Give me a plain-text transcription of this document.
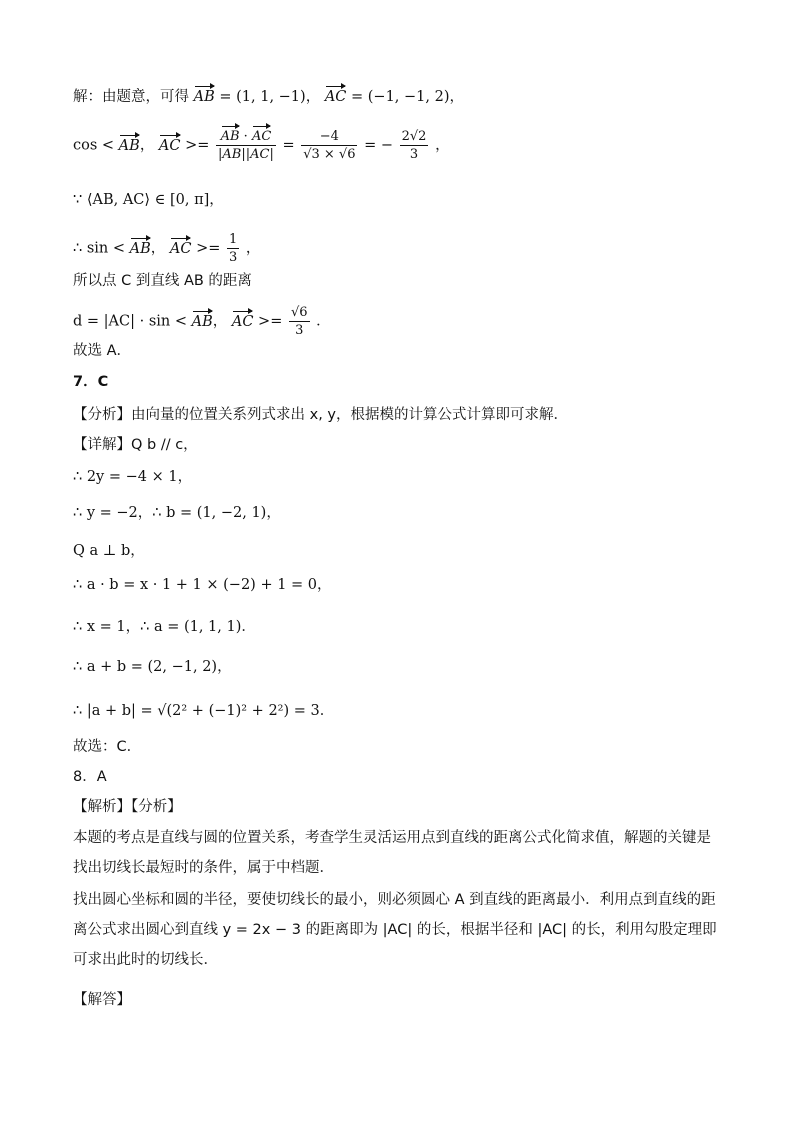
解：由题意，可得 AB = (1, 1, −1)， AC = (−1, −1, 2)，
cos < AB， AC >= $\frac{AB \cdot AC}{|AB||AC|} = \frac{-4}{√3 \times √6}$ = − $\frac{2√2}{3}$ ，
∵ ⟨AB, AC⟩ ∈ [0, π]，
∴ sin < AB， AC >= $\frac{1}{3}$ ，
所以点 C 到直线 AB 的距离
d = |AC| · sin < AB， AC >= $\frac{√6}{3}$ ．
故选 A．
7．C
【分析】由向量的位置关系列式求出 x, y，根据模的计算公式计算即可求解．
【详解】Q b // c，
∴ 2y = −4 × 1，
∴ y = −2，∴ b = (1, −2, 1)，
Q a ⊥ b，
∴ a · b = x · 1 + 1 × (−2) + 1 = 0，
∴ x = 1，∴ a = (1, 1, 1)．
∴ a + b = (2, −1, 2)，
∴ |a + b| = √(2² + (−1)² + 2²) = 3．
故选：C．
8．A
【解析】【分析】
本题的考点是直线与圆的位置关系，考查学生灵活运用点到直线的距离公式化简求值，解题的关键是找出切线长最短时的条件，属于中档题．
找出圆心坐标和圆的半径，要使切线长的最小，则必须圆心 A 到直线的距离最小．利用点到直线的距离公式求出圆心到直线 y = 2x − 3 的距离即为 |AC| 的长，根据半径和 |AC| 的长，利用勾股定理即可求出此时的切线长．
【解答】
